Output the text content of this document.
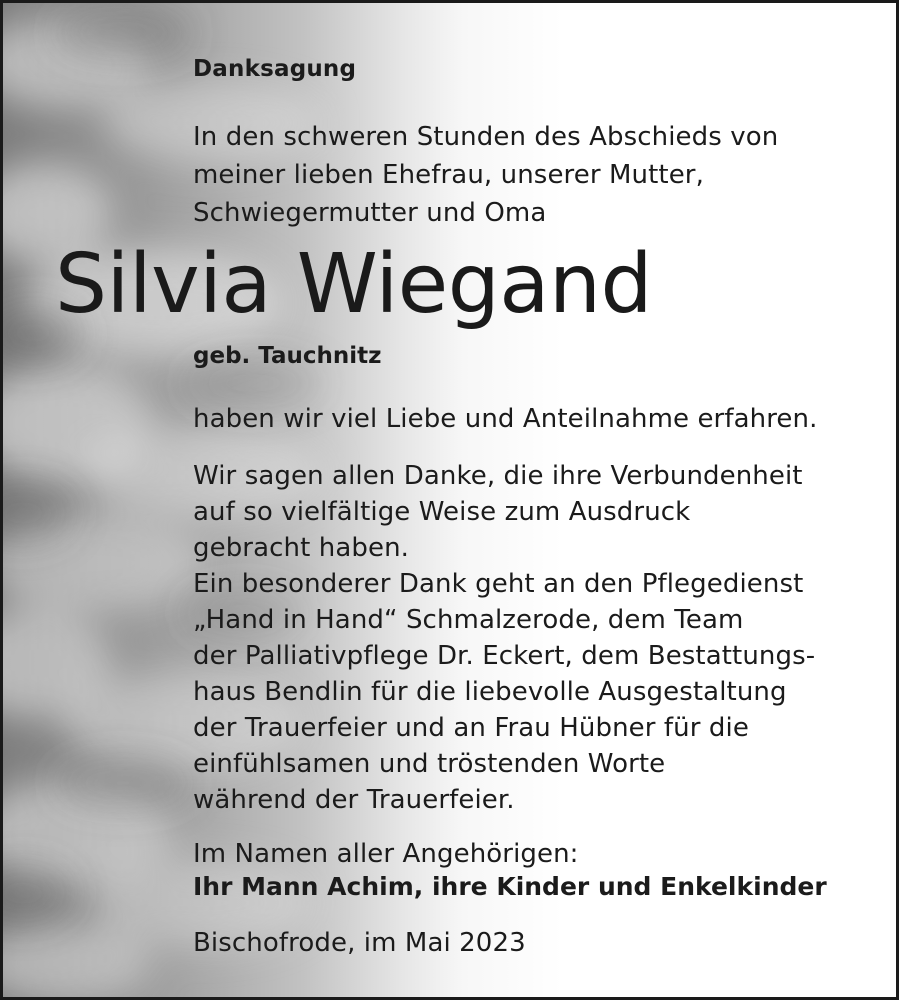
Danksagung
In den schweren Stunden des Abschieds von
meiner lieben Ehefrau, unserer Mutter,
Schwiegermutter und Oma
Silvia Wiegand
geb. Tauchnitz
haben wir viel Liebe und Anteilnahme erfahren.
Wir sagen allen Danke, die ihre Verbundenheit
auf so vielfältige Weise zum Ausdruck
gebracht haben.
Ein besonderer Dank geht an den Pflegedienst
„Hand in Hand“ Schmalzerode, dem Team
der Palliativpflege Dr. Eckert, dem Bestattungs-
haus Bendlin für die liebevolle Ausgestaltung
der Trauerfeier und an Frau Hübner für die
einfühlsamen und tröstenden Worte
während der Trauerfeier.
Im Namen aller Angehörigen:
Ihr Mann Achim, ihre Kinder und Enkelkinder
Bischofrode, im Mai 2023
